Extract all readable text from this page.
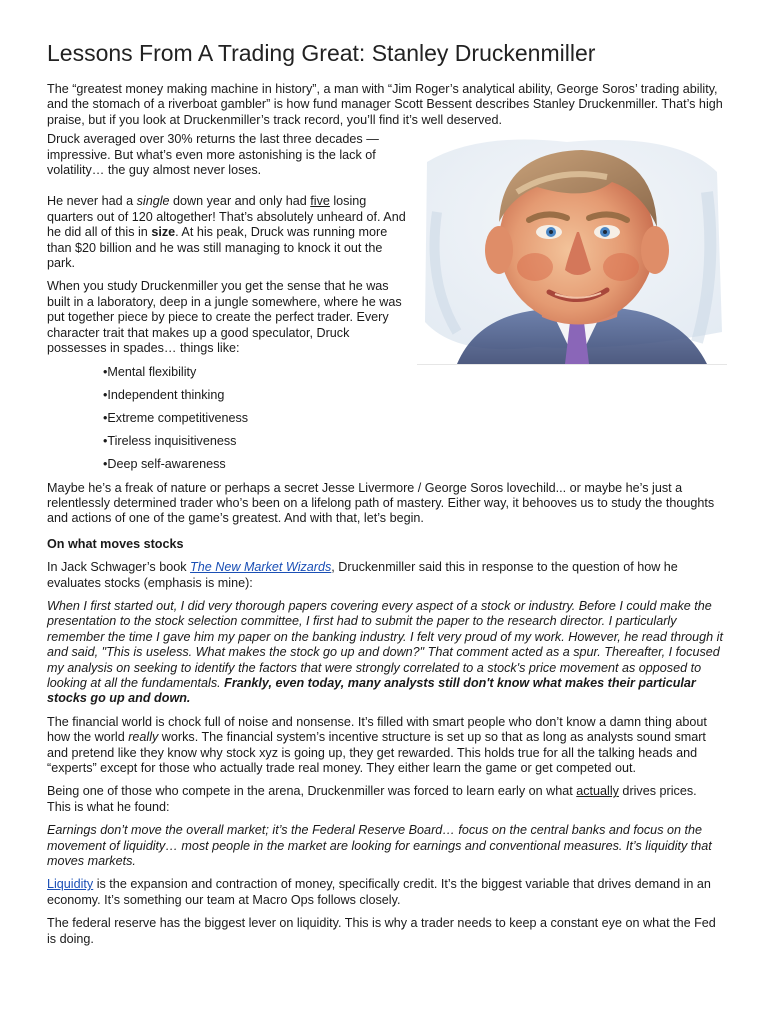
Lessons From A Trading Great: Stanley Druckenmiller

The “greatest money making machine in history”, a man with “Jim Roger’s analytical ability, George Soros’ trading ability, and the stomach of a riverboat gambler” is how fund manager Scott Bessent describes Stanley Druckenmiller. That’s high praise, but if you look at Druckenmiller’s track record, you’ll find it’s well deserved.

Druck averaged over 30% returns the last three decades — impressive. But what’s even more astonishing is the lack of volatility… the guy almost never loses.

He never had a single down year and only had five losing quarters out of 120 altogether! That’s absolutely unheard of. And he did all of this in size. At his peak, Druck was running more than $20 billion and he was still managing to knock it out the park.

When you study Druckenmiller you get the sense that he was built in a laboratory, deep in a jungle somewhere, where he was put together piece by piece to create the perfect trader. Every character trait that makes up a good speculator, Druck possesses in spades… things like:

•Mental flexibility
•Independent thinking
•Extreme competitiveness
•Tireless inquisitiveness
•Deep self-awareness

Maybe he’s a freak of nature or perhaps a secret Jesse Livermore / George Soros lovechild... or maybe he’s just a relentlessly determined trader who’s been on a lifelong path of mastery. Either way, it behooves us to study the thoughts and actions of one of the game’s greatest. And with that, let’s begin.

On what moves stocks

In Jack Schwager’s book The New Market Wizards, Druckenmiller said this in response to the question of how he evaluates stocks (emphasis is mine):

When I first started out, I did very thorough papers covering every aspect of a stock or industry. Before I could make the presentation to the stock selection committee, I first had to submit the paper to the research director. I particularly remember the time I gave him my paper on the banking industry. I felt very proud of my work. However, he read through it and said, "This is useless. What makes the stock go up and down?" That comment acted as a spur. Thereafter, I focused my analysis on seeking to identify the factors that were strongly correlated to a stock's price movement as opposed to looking at all the fundamentals. Frankly, even today, many analysts still don't know what makes their particular stocks go up and down.

The financial world is chock full of noise and nonsense. It’s filled with smart people who don’t know a damn thing about how the world really works. The financial system’s incentive structure is set up so that as long as analysts sound smart and pretend like they know why stock xyz is going up, they get rewarded. This holds true for all the talking heads and “experts” except for those who actually trade real money. They either learn the game or get competed out.

Being one of those who compete in the arena, Druckenmiller was forced to learn early on what actually drives prices. This is what he found:

Earnings don’t move the overall market; it’s the Federal Reserve Board… focus on the central banks and focus on the movement of liquidity… most people in the market are looking for earnings and conventional measures. It’s liquidity that moves markets.

Liquidity is the expansion and contraction of money, specifically credit. It’s the biggest variable that drives demand in an economy. It’s something our team at Macro Ops follows closely.

The federal reserve has the biggest lever on liquidity. This is why a trader needs to keep a constant eye on what the Fed is doing.
